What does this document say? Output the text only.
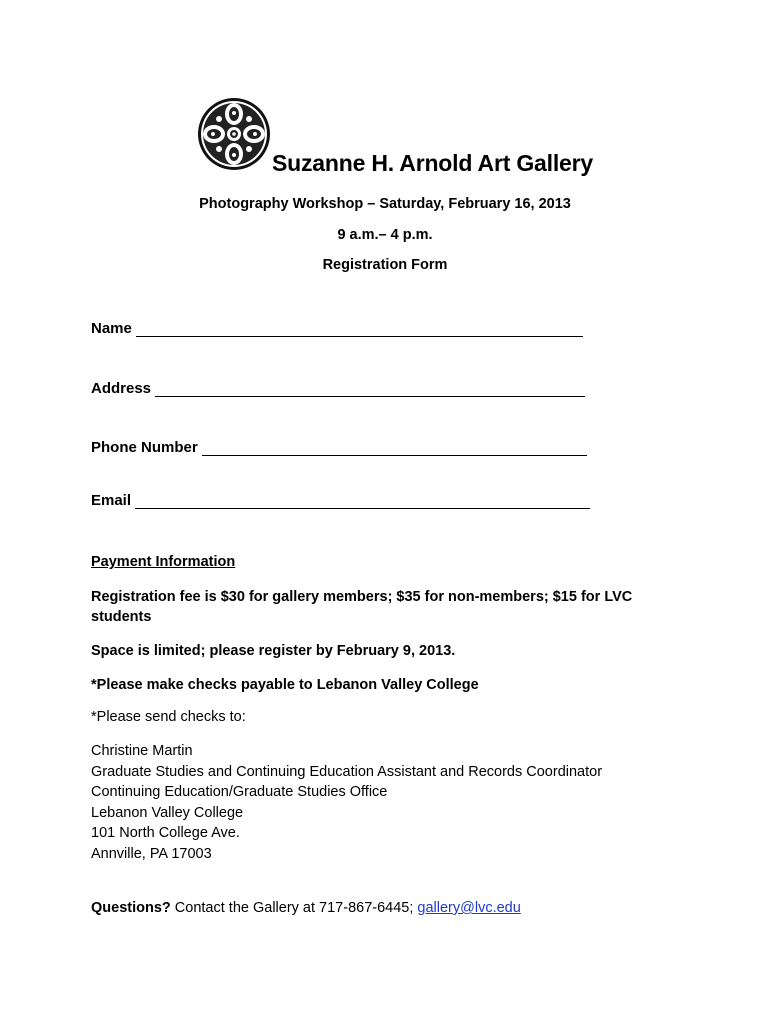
Suzanne H. Arnold Art Gallery
Photography Workshop – Saturday, February 16, 2013
9 a.m.– 4 p.m.
Registration Form
Name
Address
Phone Number
Email
Payment Information
Registration fee is $30 for gallery members; $35 for non-members; $15 for LVC students
Space is limited; please register by February 9, 2013.
*Please make checks payable to Lebanon Valley College
*Please send checks to:
Christine Martin
Graduate Studies and Continuing Education Assistant and Records Coordinator
Continuing Education/Graduate Studies Office
Lebanon Valley College
101 North College Ave.
Annville, PA 17003
Questions? Contact the Gallery at 717-867-6445; gallery@lvc.edu
